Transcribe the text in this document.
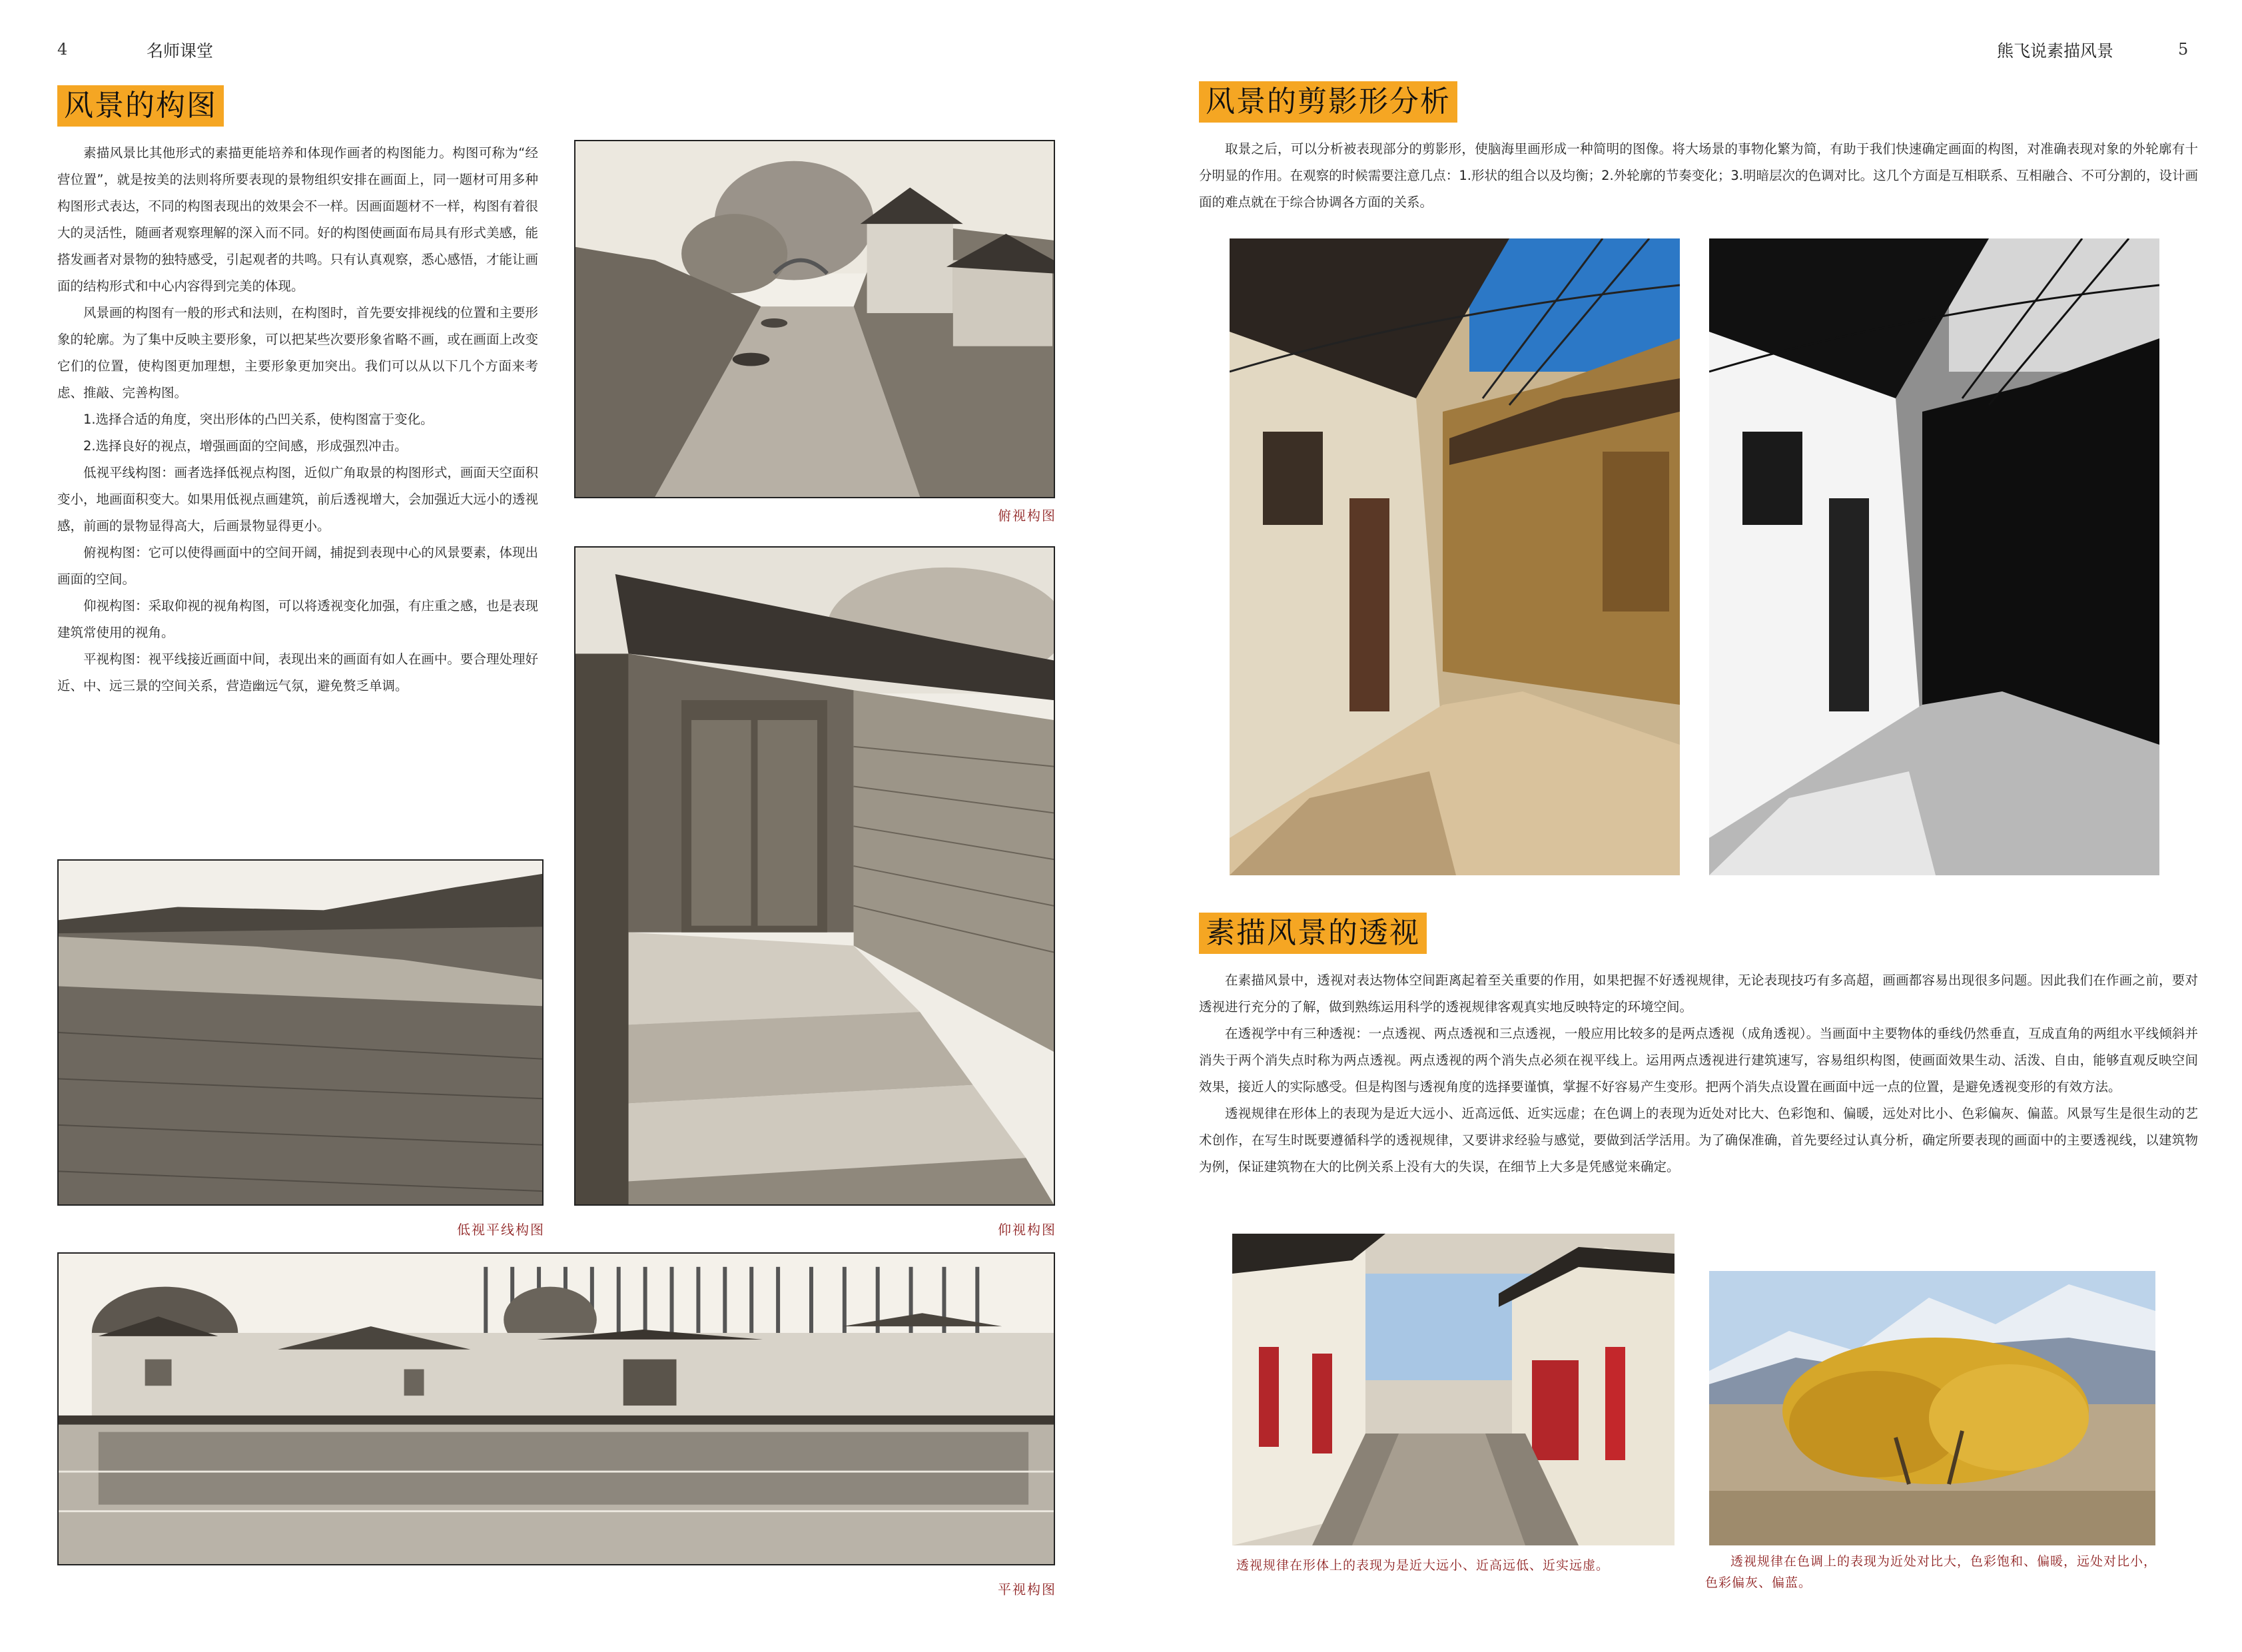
4	名师课堂
风景的构图

素描风景比其他形式的素描更能培养和体现作画者的构图能力。构图可称为“经营位置”，就是按美的法则将所要表现的景物组织安排在画面上，同一题材可用多种构图形式表达，不同的构图表现出的效果会不一样。因画面题材不一样，构图有着很大的灵活性，随画者观察理解的深入而不同。好的构图使画面布局具有形式美感，能搭发画者对景物的独特感受，引起观者的共鸣。只有认真观察，悉心感悟，才能让画面的结构形式和中心内容得到完美的体现。

风景画的构图有一般的形式和法则，在构图时，首先要安排视线的位置和主要形象的轮廓。为了集中反映主要形象，可以把某些次要形象省略不画，或在画面上改变它们的位置，使构图更加理想，主要形象更加突出。我们可以从以下几个方面来考虑、推敲、完善构图。

1.选择合适的角度，突出形体的凸凹关系，使构图富于变化。

2.选择良好的视点，增强画面的空间感，形成强烈冲击。

低视平线构图：画者选择低视点构图，近似广角取景的构图形式，画面天空面积变小，地画面积变大。如果用低视点画建筑，前后透视增大，会加强近大远小的透视感，前画的景物显得高大，后画景物显得更小。

俯视构图：它可以使得画面中的空间开阔，捕捉到表现中心的风景要素，体现出画面的空间。

仰视构图：采取仰视的视角构图，可以将透视变化加强，有庄重之感，也是表现建筑常使用的视角。

平视构图：视平线接近画面中间，表现出来的画面有如人在画中。要合理处理好近、中、远三景的空间关系，营造幽远气氛，避免赘乏单调。

俯视构图
仰视构图
低视平线构图
平视构图
熊飞说素描风景	5
风景的剪影形分析

取景之后，可以分析被表现部分的剪影形，使脑海里画形成一种简明的图像。将大场景的事物化繁为简，有助于我们快速确定画面的构图，对准确表现对象的外轮廓有十分明显的作用。在观察的时候需要注意几点：1.形状的组合以及均衡；2.外轮廓的节奏变化；3.明暗层次的色调对比。这几个方面是互相联系、互相融合、不可分割的，设计画面的难点就在于综合协调各方面的关系。

素描风景的透视

在素描风景中，透视对表达物体空间距离起着至关重要的作用，如果把握不好透视规律，无论表现技巧有多高超，画画都容易出现很多问题。因此我们在作画之前，要对透视进行充分的了解，做到熟练运用科学的透视规律客观真实地反映特定的环境空间。

在透视学中有三种透视：一点透视、两点透视和三点透视，一般应用比较多的是两点透视（成角透视）。当画面中主要物体的垂线仍然垂直，互成直角的两组水平线倾斜并消失于两个消失点时称为两点透视。两点透视的两个消失点必须在视平线上。运用两点透视进行建筑速写，容易组织构图，使画面效果生动、活泼、自由，能够直观反映空间效果，接近人的实际感受。但是构图与透视角度的选择要谨慎，掌握不好容易产生变形。把两个消失点设置在画面中远一点的位置，是避免透视变形的有效方法。

透视规律在形体上的表现为是近大远小、近高远低、近实远虚；在色调上的表现为近处对比大、色彩饱和、偏暖，远处对比小、色彩偏灰、偏蓝。风景写生是很生动的艺术创作，在写生时既要遵循科学的透视规律，又要讲求经验与感觉，要做到活学活用。为了确保准确，首先要经过认真分析，确定所要表现的画面中的主要透视线，以建筑物为例，保证建筑物在大的比例关系上没有大的失误，在细节上大多是凭感觉来确定。

透视规律在形体上的表现为是近大远小、近高远低、近实远虚。	透视规律在色调上的表现为近处对比大，色彩饱和、偏暖，远处对比小，色彩偏灰、偏蓝。
